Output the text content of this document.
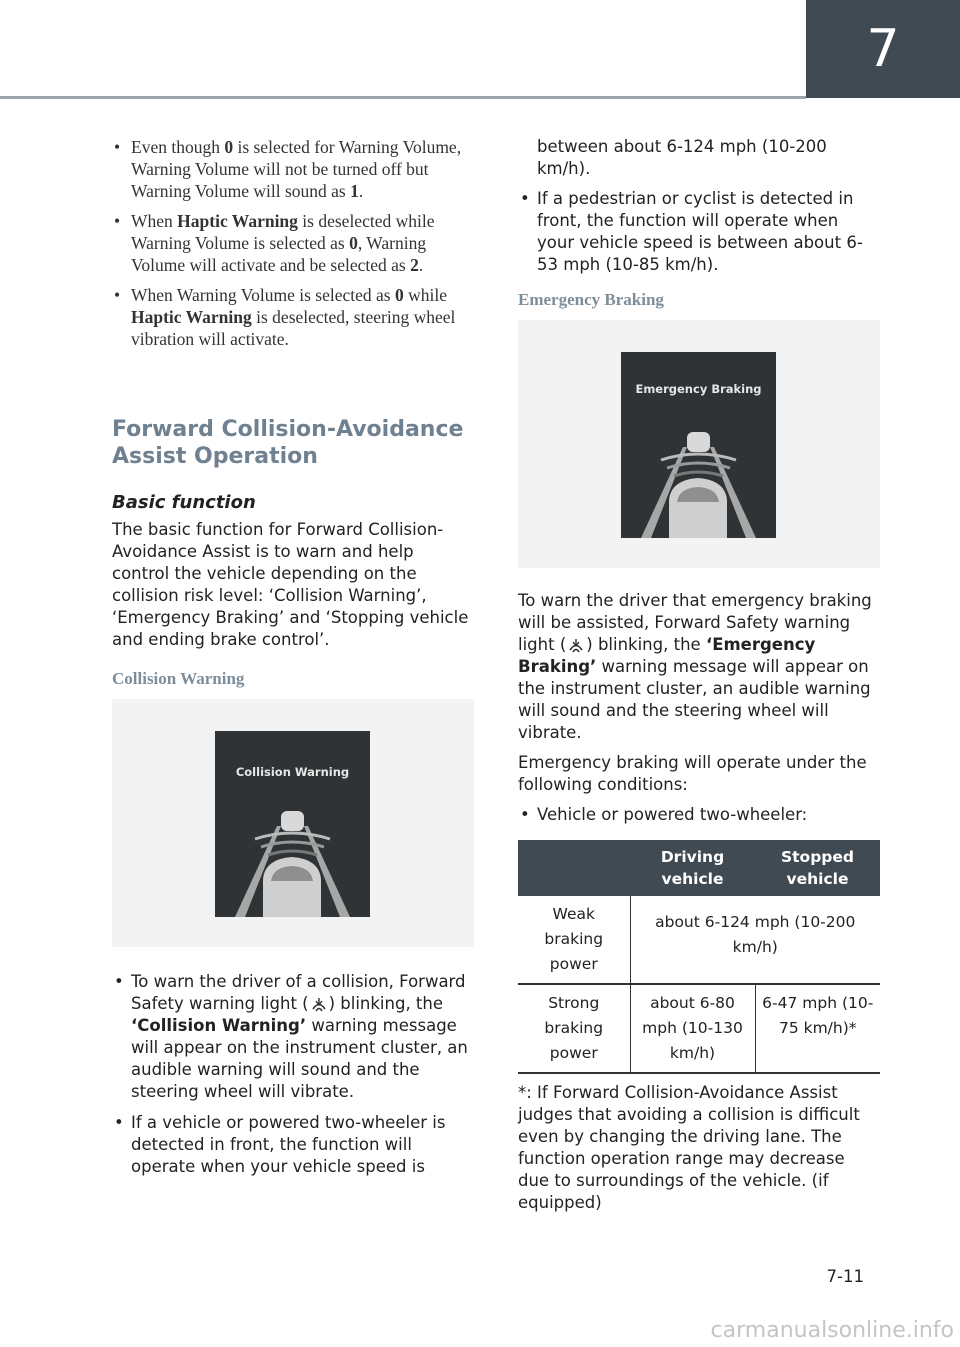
7
• Even though 0 is selected for Warning Volume, Warning Volume will not be turned off but Warning Volume will sound as 1.
• When Haptic Warning is deselected while Warning Volume is selected as 0, Warning Volume will activate and be selected as 2.
• When Warning Volume is selected as 0 while Haptic Warning is deselected, steering wheel vibration will activate.
Forward Collision-Avoidance Assist Operation
Basic function

The basic function for Forward Collision-Avoidance Assist is to warn and help control the vehicle depending on the collision risk level: ‘Collision Warning’, ‘Emergency Braking’ and ‘Stopping vehicle and ending brake control’.

Collision Warning
Collision Warning
• To warn the driver of a collision, Forward Safety warning light ( ) blinking, the ‘Collision Warning’ warning message will appear on the instrument cluster, an audible warning will sound and the steering wheel will vibrate.
• If a vehicle or powered two-wheeler is detected in front, the function will operate when your vehicle speed is

between about 6-124 mph (10-200 km/h).

• If a pedestrian or cyclist is detected in front, the function will operate when your vehicle speed is between about 6-53 mph (10-85 km/h).
Emergency Braking
Emergency Braking

To warn the driver that emergency braking will be assisted, Forward Safety warning light ( ) blinking, the ‘Emergency Braking’ warning message will appear on the instrument cluster, an audible warning will sound and the steering wheel will vibrate.

Emergency braking will operate under the following conditions:

• Vehicle or powered two-wheeler:
	Driving vehicle	Stopped vehicle
Weak braking power	about 6-124 mph (10-200 km/h)	
Strong braking power	about 6-80 mph (10-130 km/h)	6-47 mph (10-75 km/h)*

*: If Forward Collision-Avoidance Assist judges that avoiding a collision is difficult even by changing the driving lane. The function operation range may decrease due to surroundings of the vehicle. (if equipped)

7-11
carmanualsonline.info
